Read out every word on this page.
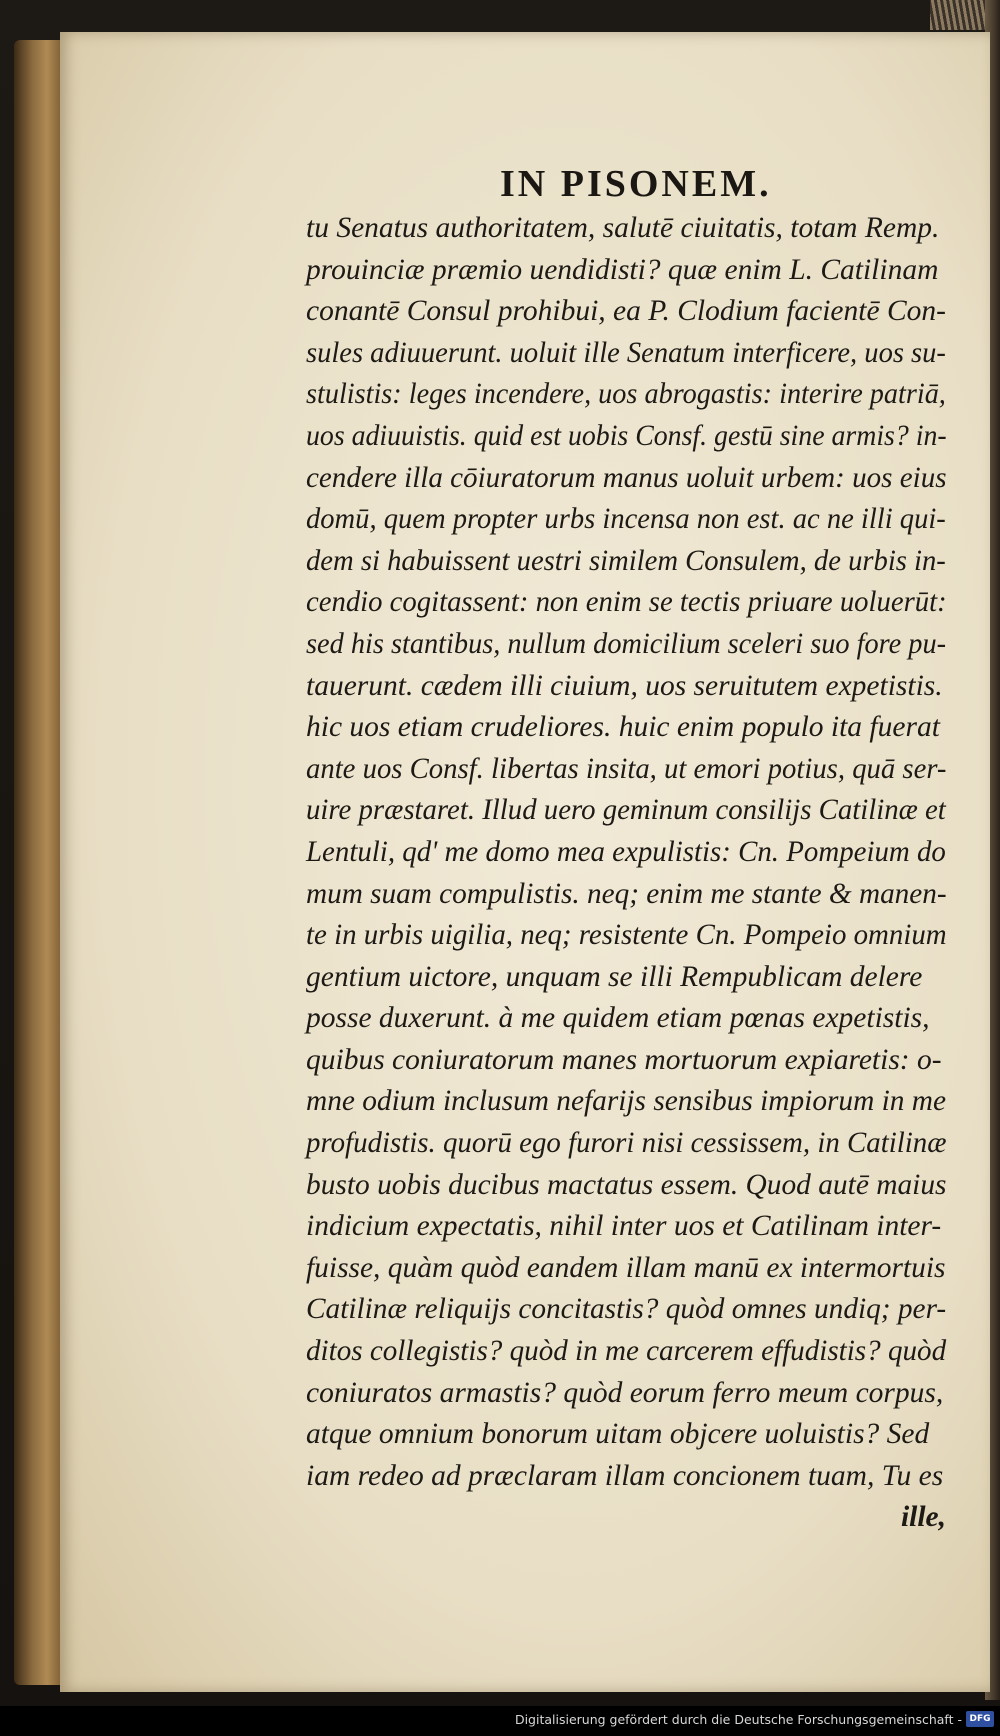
IN PISONEM.
tu Senatus authoritatem, salutē ciuitatis, totam Remp.
prouinciæ præmio uendidisti? quæ enim L. Catilinam
conantē Consul prohibui, ea P. Clodium facientē Con-
sules adiuuerunt. uoluit ille Senatum interficere, uos su-
stulistis: leges incendere, uos abrogastis: interire patriā,
uos adiuuistis. quid est uobis Consf. gestū sine armis? in-
cendere illa cōiuratorum manus uoluit urbem: uos eius
domū, quem propter urbs incensa non est. ac ne illi qui-
dem si habuissent uestri similem Consulem, de urbis in-
cendio cogitassent: non enim se tectis priuare uoluerūt:
sed his stantibus, nullum domicilium sceleri suo fore pu-
tauerunt. cædem illi ciuium, uos seruitutem expetistis.
hic uos etiam crudeliores. huic enim populo ita fuerat
ante uos Consf. libertas insita, ut emori potius, quā ser-
uire præstaret. Illud uero geminum consilijs Catilinæ et
Lentuli, qd' me domo mea expulistis: Cn. Pompeium do
mum suam compulistis. neq; enim me stante & manen-
te in urbis uigilia, neq; resistente Cn. Pompeio omnium
gentium uictore, unquam se illi Rempublicam delere
posse duxerunt. à me quidem etiam pœnas expetistis,
quibus coniuratorum manes mortuorum expiaretis: o-
mne odium inclusum nefarijs sensibus impiorum in me
profudistis. quorū ego furori nisi cessissem, in Catilinæ
busto uobis ducibus mactatus essem. Quod autē maius
indicium expectatis, nihil inter uos et Catilinam inter-
fuisse, quàm quòd eandem illam manū ex intermortuis
Catilinæ reliquijs concitastis? quòd omnes undiq; per-
ditos collegistis? quòd in me carcerem effudistis? quòd
coniuratos armastis? quòd eorum ferro meum corpus,
atque omnium bonorum uitam objcere uoluistis? Sed
iam redeo ad præclaram illam concionem tuam, Tu es
ille,
Digitalisierung gefördert durch die Deutsche Forschungsgemeinschaft - DFG
